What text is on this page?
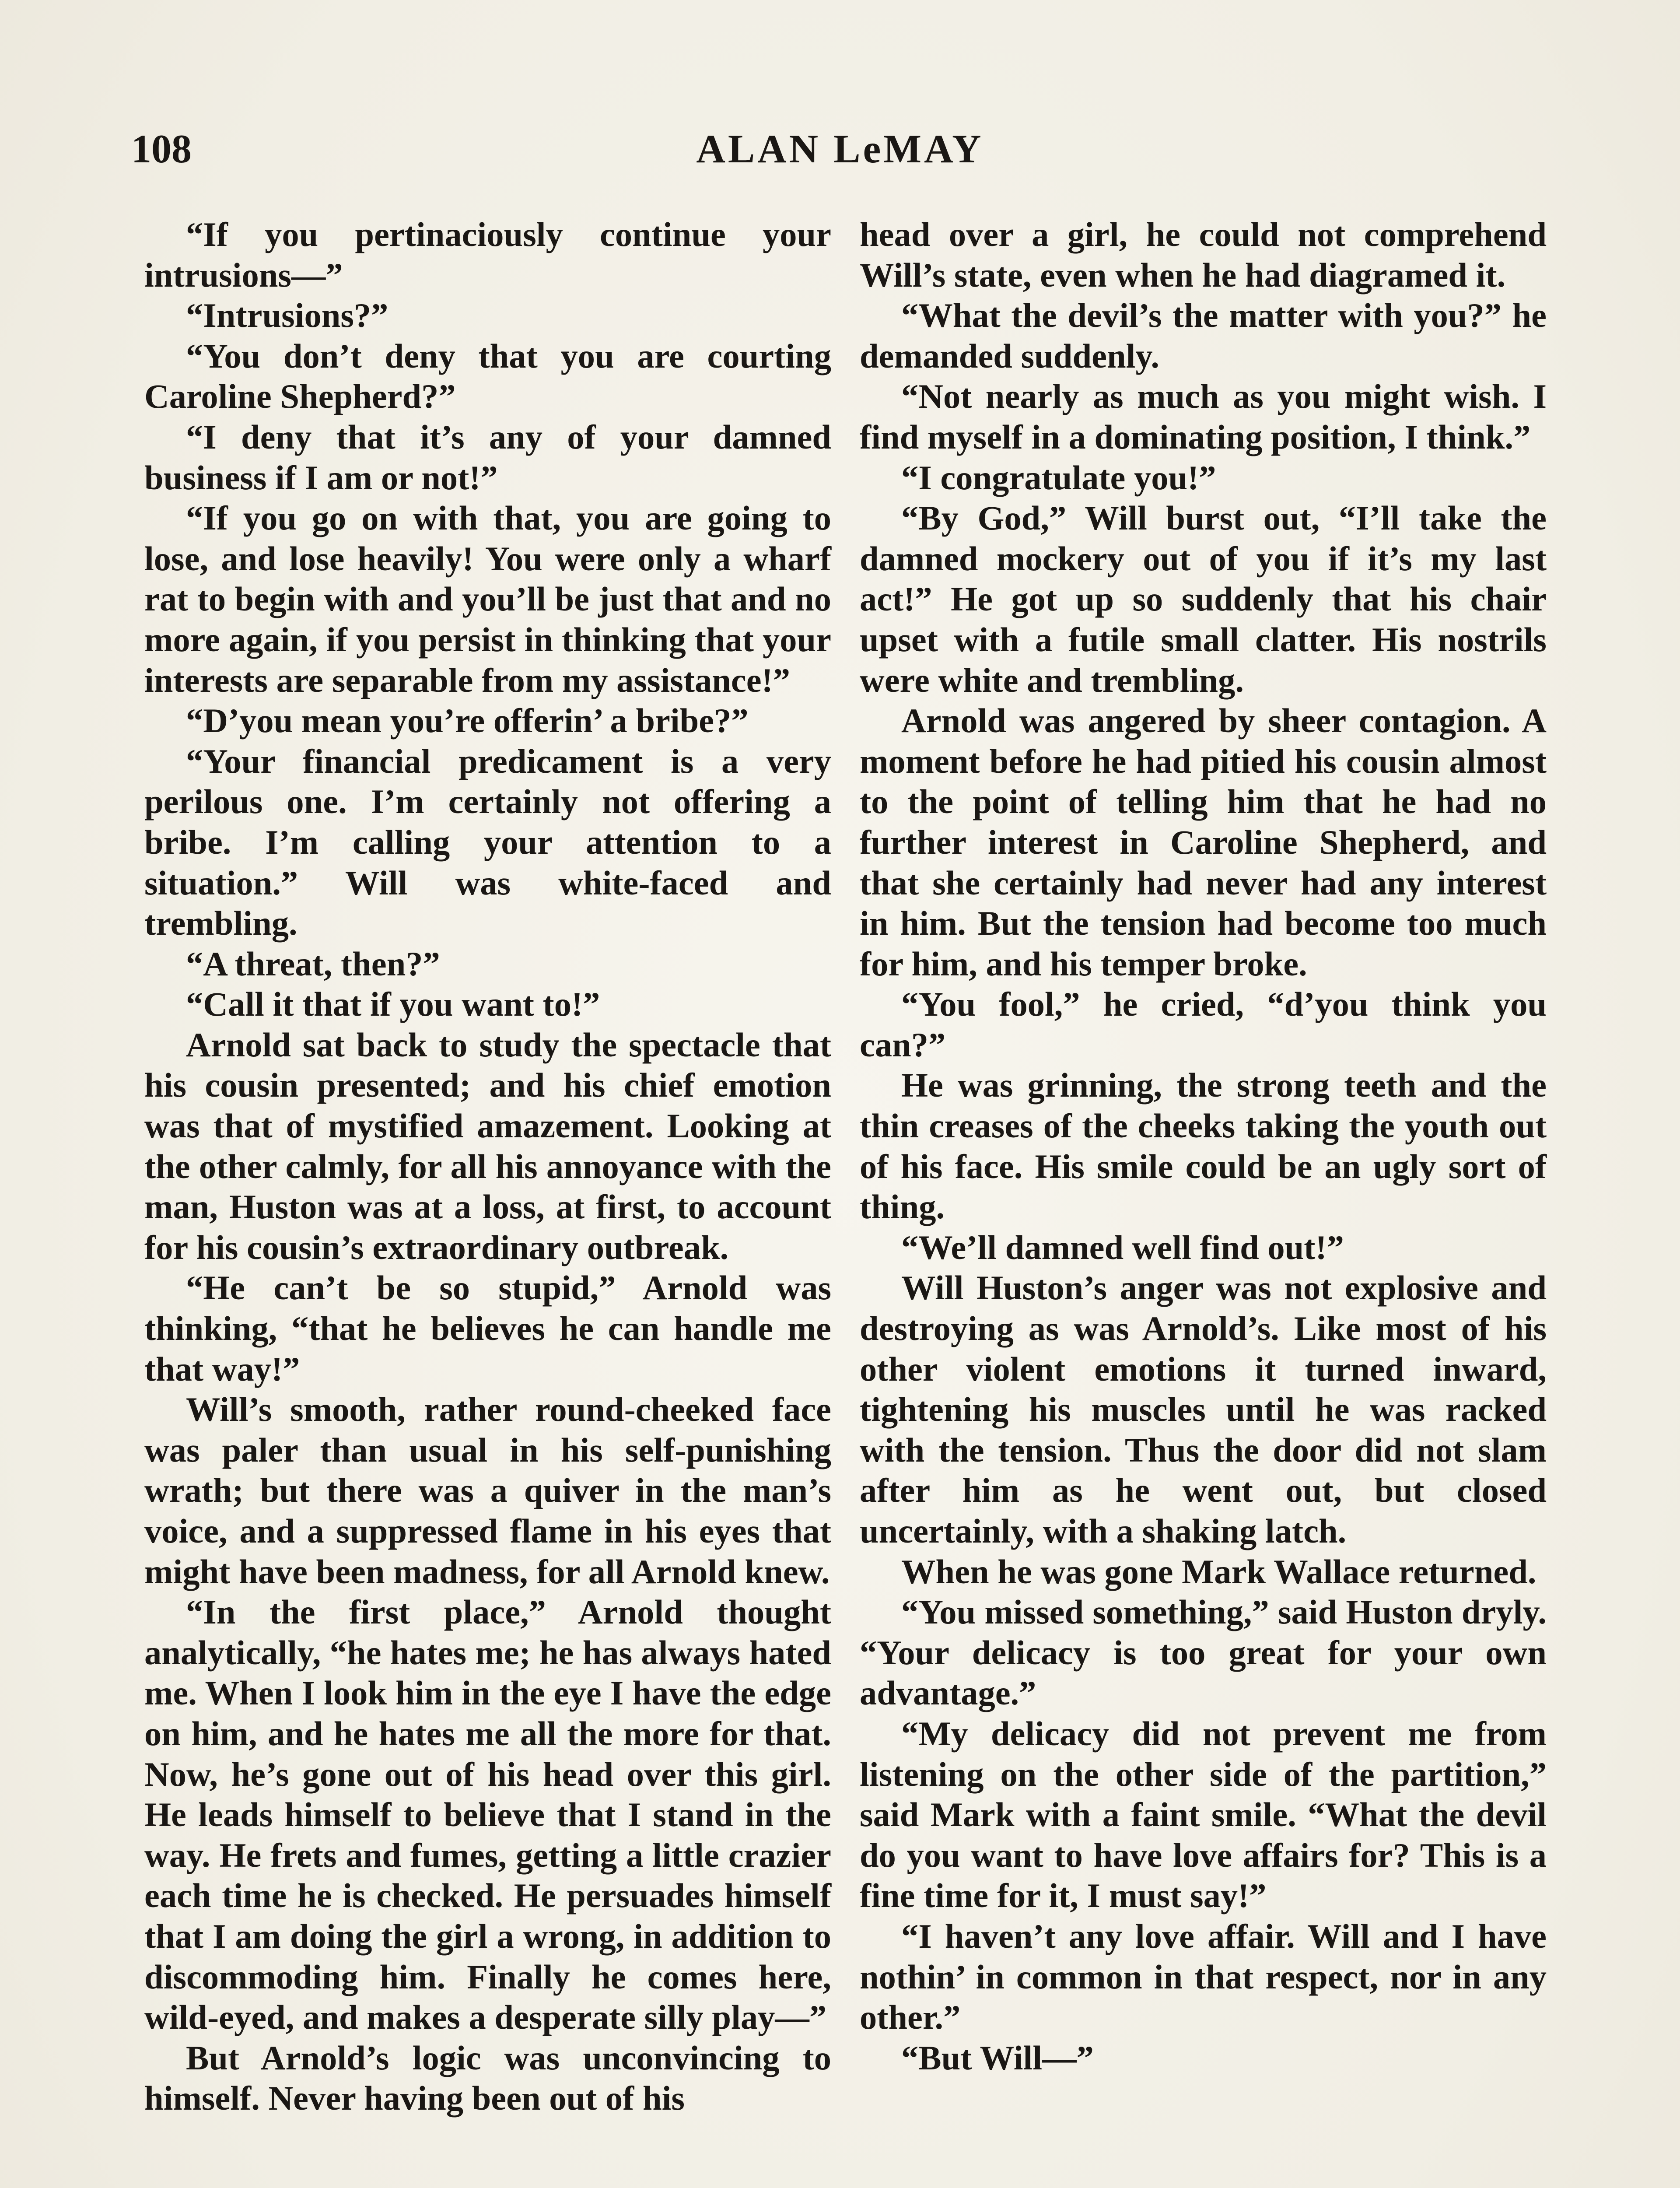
108	ALAN LeMAY

“If you pertinaciously continue your intrusions—”

“Intrusions?”

“You don’t deny that you are courting Caroline Shepherd?”

“I deny that it’s any of your damned business if I am or not!”

“If you go on with that, you are going to lose, and lose heavily! You were only a wharf rat to begin with and you’ll be just that and no more again, if you persist in thinking that your interests are separable from my assistance!”

“D’you mean you’re offerin’ a bribe?”

“Your financial predicament is a very perilous one. I’m certainly not offering a bribe. I’m calling your attention to a situation.” Will was white-faced and trembling.

“A threat, then?”

“Call it that if you want to!”

Arnold sat back to study the spectacle that his cousin presented; and his chief emotion was that of mystified amazement. Looking at the other calmly, for all his annoyance with the man, Huston was at a loss, at first, to account for his cousin’s extraordinary outbreak.

“He can’t be so stupid,” Arnold was thinking, “that he believes he can handle me that way!”

Will’s smooth, rather round-cheeked face was paler than usual in his self-punishing wrath; but there was a quiver in the man’s voice, and a suppressed flame in his eyes that might have been madness, for all Arnold knew.

“In the first place,” Arnold thought analytically, “he hates me; he has always hated me. When I look him in the eye I have the edge on him, and he hates me all the more for that. Now, he’s gone out of his head over this girl. He leads himself to believe that I stand in the way. He frets and fumes, getting a little crazier each time he is checked. He persuades himself that I am doing the girl a wrong, in addition to discommoding him. Finally he comes here, wild-eyed, and makes a desperate silly play—”

But Arnold’s logic was unconvincing to himself. Never having been out of his

head over a girl, he could not comprehend Will’s state, even when he had diagramed it.

“What the devil’s the matter with you?” he demanded suddenly.

“Not nearly as much as you might wish. I find myself in a dominating position, I think.”

“I congratulate you!”

“By God,” Will burst out, “I’ll take the damned mockery out of you if it’s my last act!” He got up so suddenly that his chair upset with a futile small clatter. His nostrils were white and trembling.

Arnold was angered by sheer contagion. A moment before he had pitied his cousin almost to the point of telling him that he had no further interest in Caroline Shepherd, and that she certainly had never had any interest in him. But the tension had become too much for him, and his temper broke.

“You fool,” he cried, “d’you think you can?”

He was grinning, the strong teeth and the thin creases of the cheeks taking the youth out of his face. His smile could be an ugly sort of thing.

“We’ll damned well find out!”

Will Huston’s anger was not explosive and destroying as was Arnold’s. Like most of his other violent emotions it turned inward, tightening his muscles until he was racked with the tension. Thus the door did not slam after him as he went out, but closed uncertainly, with a shaking latch.

When he was gone Mark Wallace returned.

“You missed something,” said Huston dryly. “Your delicacy is too great for your own advantage.”

“My delicacy did not prevent me from listening on the other side of the partition,” said Mark with a faint smile. “What the devil do you want to have love affairs for? This is a fine time for it, I must say!”

“I haven’t any love affair. Will and I have nothin’ in common in that respect, nor in any other.”

“But Will—”
